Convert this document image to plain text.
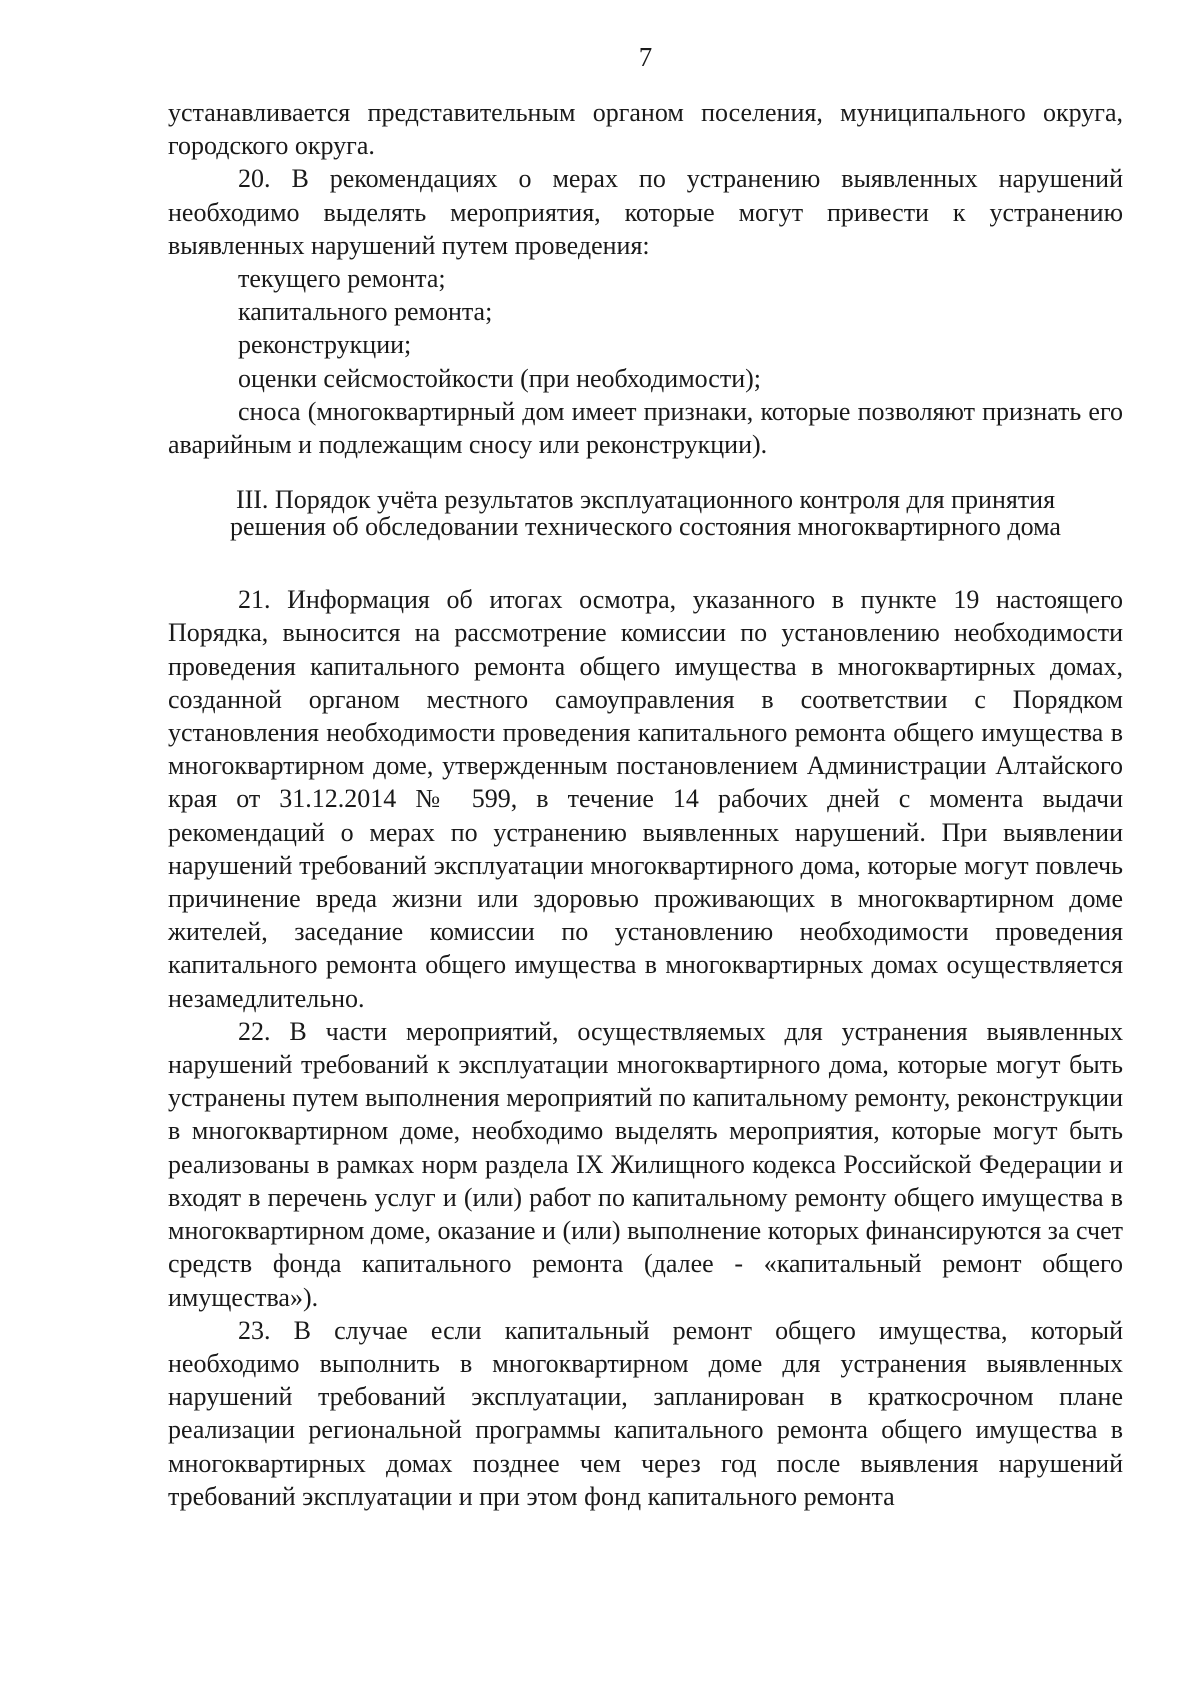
7

устанавливается представительным органом поселения, муниципального округа, городского округа.

20. В рекомендациях о мерах по устранению выявленных нарушений необходимо выделять мероприятия, которые могут привести к устранению выявленных нарушений путем проведения:

текущего ремонта;

капитального ремонта;

реконструкции;

оценки сейсмостойкости (при необходимости);

сноса (многоквартирный дом имеет признаки, которые позволяют признать его аварийным и подлежащим сносу или реконструкции).

III. Порядок учёта результатов эксплуатационного контроля для принятия
решения об обследовании технического состояния многоквартирного дома

21. Информация об итогах осмотра, указанного в пункте 19 настоящего Порядка, выносится на рассмотрение комиссии по установлению необходимости проведения капитального ремонта общего имущества в многоквартирных домах, созданной органом местного самоуправления в соответствии с Порядком установления необходимости проведения капитального ремонта общего имущества в многоквартирном доме, утвержденным постановлением Администрации Алтайского края от 31.12.2014 № 599, в течение 14 рабочих дней с момента выдачи рекомендаций о мерах по устранению выявленных нарушений. При выявлении нарушений требований эксплуатации многоквартирного дома, которые могут повлечь причинение вреда жизни или здоровью проживающих в многоквартирном доме жителей, заседание комиссии по установлению необходимости проведения капитального ремонта общего имущества в многоквартирных домах осуществляется незамедлительно.

22. В части мероприятий, осуществляемых для устранения выявленных нарушений требований к эксплуатации многоквартирного дома, которые могут быть устранены путем выполнения мероприятий по капитальному ремонту, реконструкции в многоквартирном доме, необходимо выделять мероприятия, которые могут быть реализованы в рамках норм раздела IX Жилищного кодекса Российской Федерации и входят в перечень услуг и (или) работ по капитальному ремонту общего имущества в многоквартирном доме, оказание и (или) выполнение которых финансируются за счет средств фонда капитального ремонта (далее - «капитальный ремонт общего имущества»).

23. В случае если капитальный ремонт общего имущества, который необходимо выполнить в многоквартирном доме для устранения выявленных нарушений требований эксплуатации, запланирован в краткосрочном плане реализации региональной программы капитального ремонта общего имущества в многоквартирных домах позднее чем через год после выявления нарушений требований эксплуатации и при этом фонд капитального ремонта
